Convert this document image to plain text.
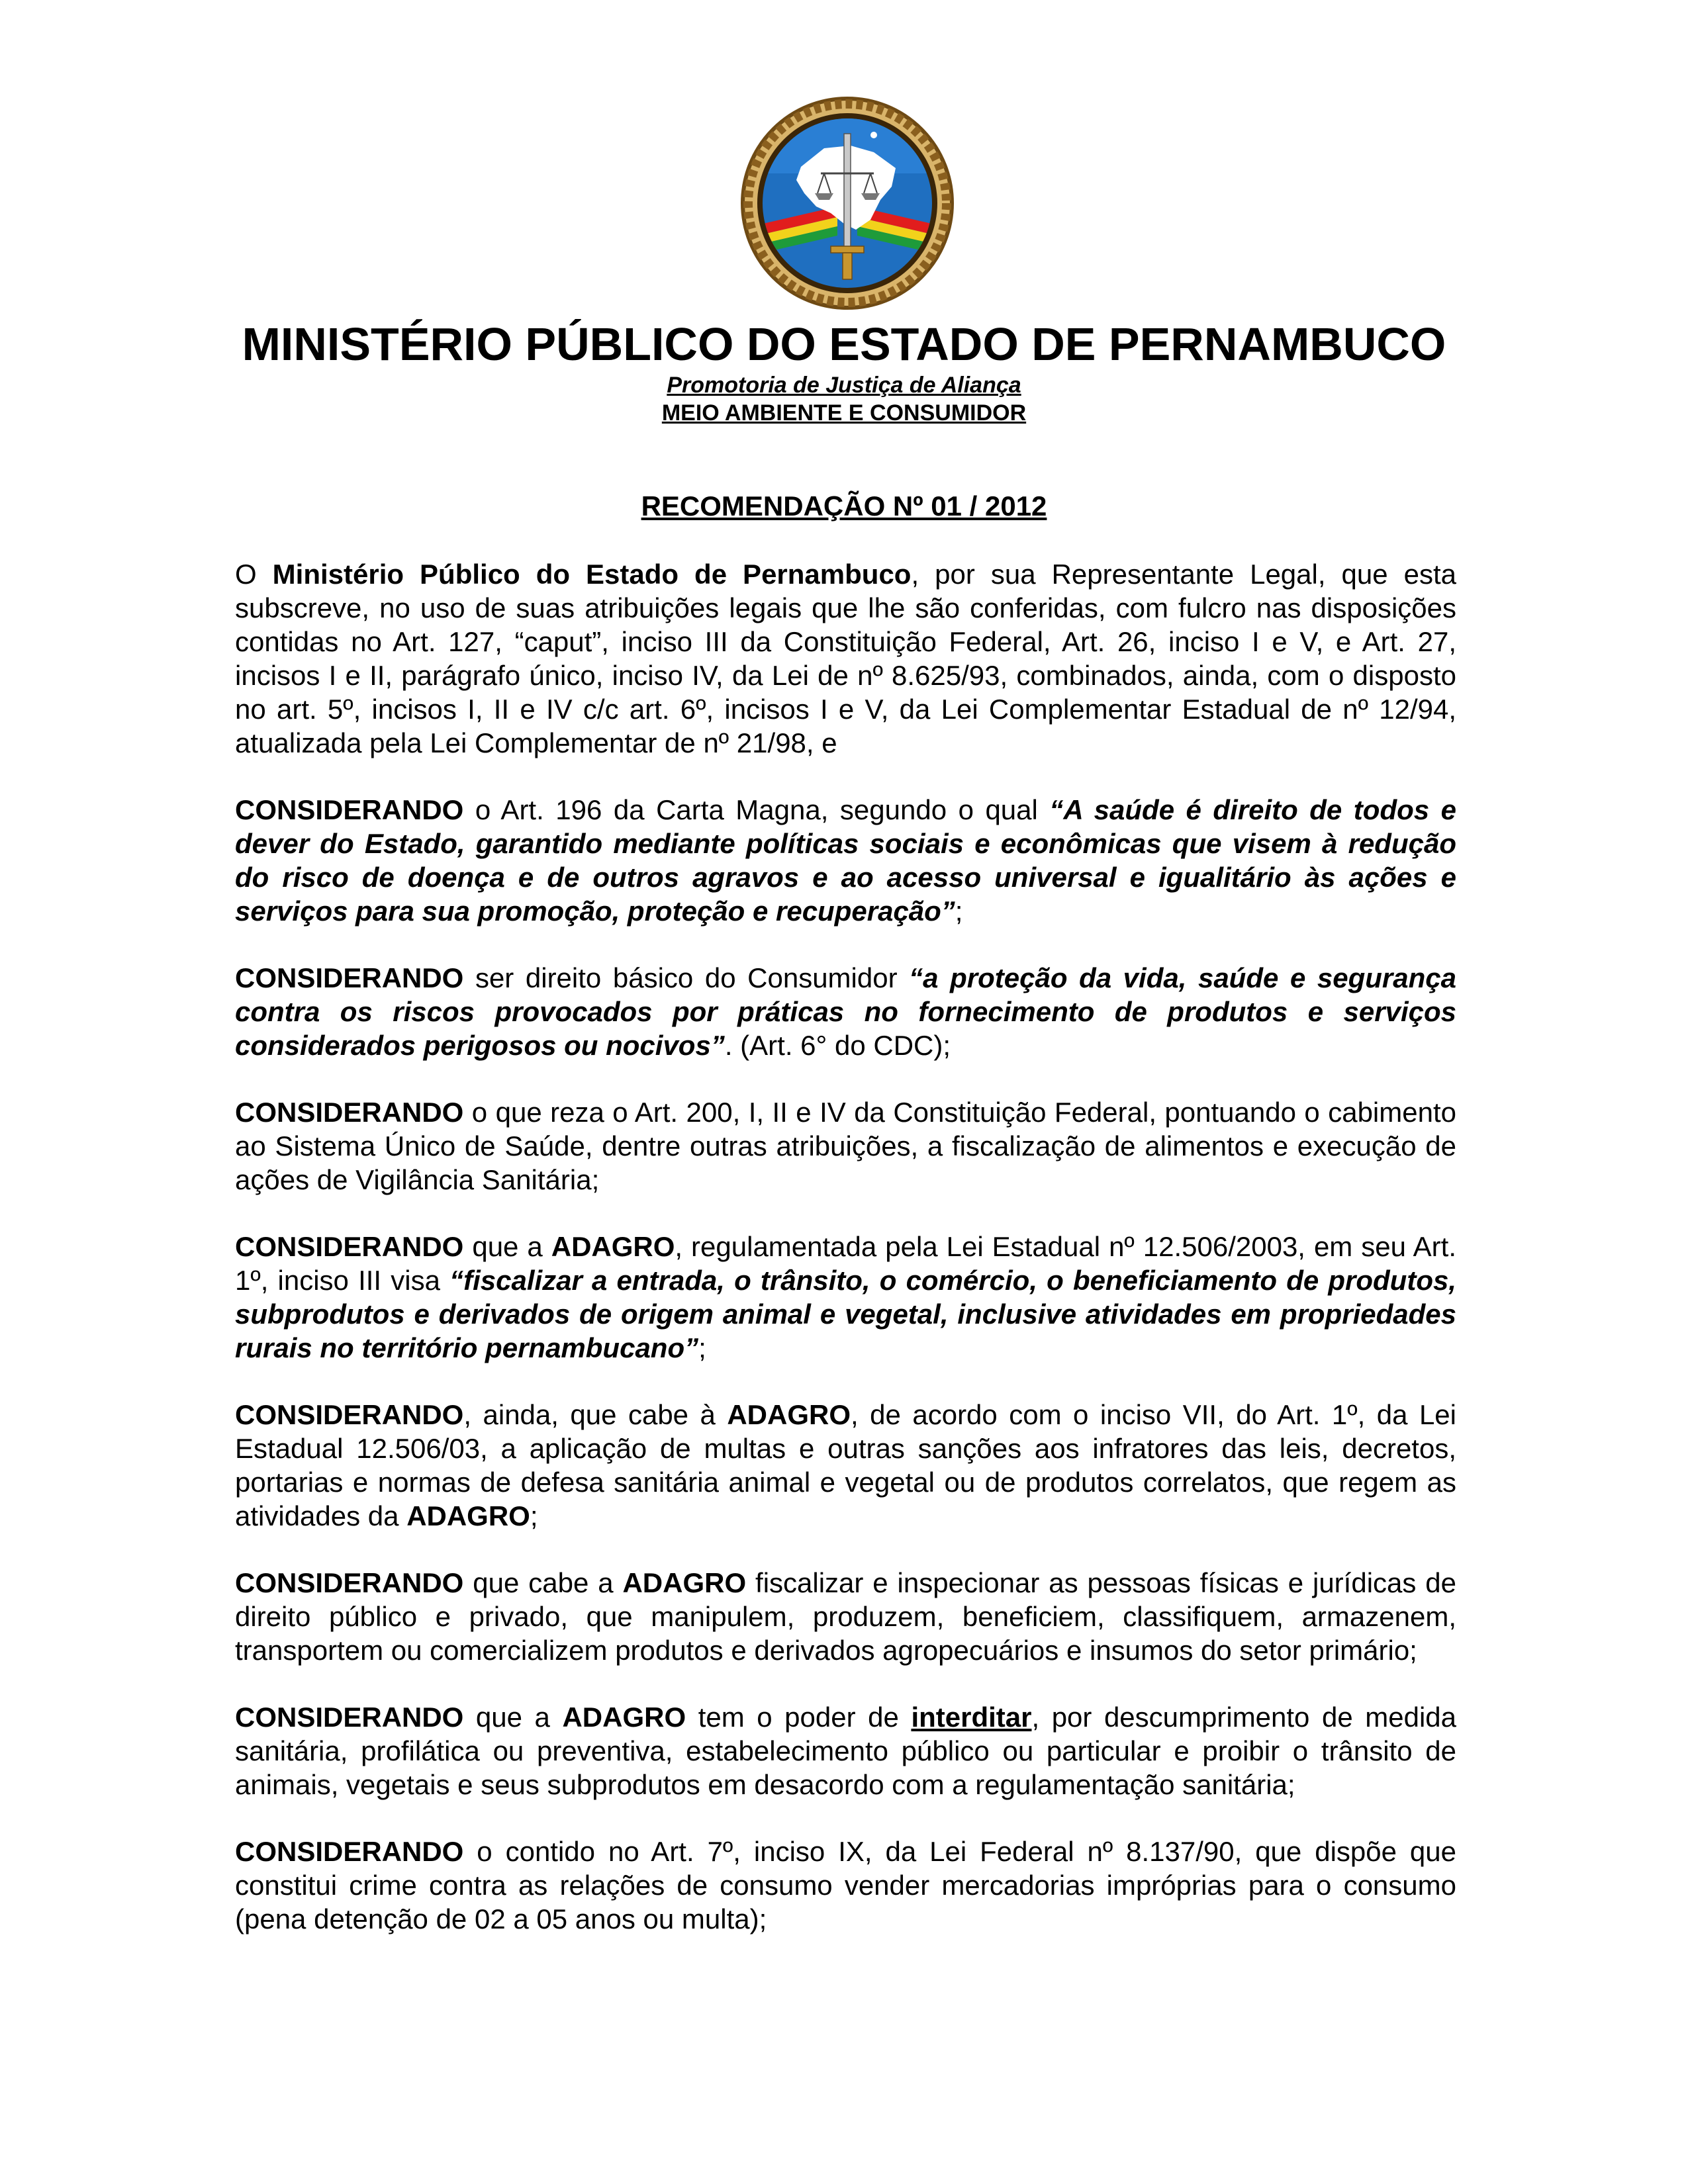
MINISTÉRIO PÚBLICO DO ESTADO DE PERNAMBUCO
Promotoria de Justiça de Aliança
MEIO AMBIENTE E CONSUMIDOR
RECOMENDAÇÃO Nº 01 / 2012

O Ministério Público do Estado de Pernambuco, por sua Representante Legal, que esta subscreve, no uso de suas atribuições legais que lhe são conferidas, com fulcro nas disposições contidas no Art. 127, “caput”, inciso III da Constituição Federal, Art. 26, inciso I e V, e Art. 27, incisos I e II, parágrafo único, inciso IV, da Lei de nº 8.625/93, combinados, ainda, com o disposto no art. 5º, incisos I, II e IV c/c art. 6º, incisos I e V, da Lei Complementar Estadual de nº 12/94, atualizada pela Lei Complementar de nº 21/98, e

CONSIDERANDO o Art. 196 da Carta Magna, segundo o qual “A saúde é direito de todos e dever do Estado, garantido mediante políticas sociais e econômicas que visem à redução do risco de doença e de outros agravos e ao acesso universal e igualitário às ações e serviços para sua promoção, proteção e recuperação”;

CONSIDERANDO ser direito básico do Consumidor “a proteção da vida, saúde e segurança contra os riscos provocados por práticas no fornecimento de produtos e serviços considerados perigosos ou nocivos”. (Art. 6° do CDC);

CONSIDERANDO o que reza o Art. 200, I, II e IV da Constituição Federal, pontuando o cabimento ao Sistema Único de Saúde, dentre outras atribuições, a fiscalização de alimentos e execução de ações de Vigilância Sanitária;

CONSIDERANDO que a ADAGRO, regulamentada pela Lei Estadual nº 12.506/2003, em seu Art. 1º, inciso III visa “fiscalizar a entrada, o trânsito, o comércio, o beneficiamento de produtos, subprodutos e derivados de origem animal e vegetal, inclusive atividades em propriedades rurais no território pernambucano”;

CONSIDERANDO, ainda, que cabe à ADAGRO, de acordo com o inciso VII, do Art. 1º, da Lei Estadual 12.506/03, a aplicação de multas e outras sanções aos infratores das leis, decretos, portarias e normas de defesa sanitária animal e vegetal ou de produtos correlatos, que regem as atividades da ADAGRO;

CONSIDERANDO que cabe a ADAGRO fiscalizar e inspecionar as pessoas físicas e jurídicas de direito público e privado, que manipulem, produzem, beneficiem, classifiquem, armazenem, transportem ou comercializem produtos e derivados agropecuários e insumos do setor primário;

CONSIDERANDO que a ADAGRO tem o poder de interditar, por descumprimento de medida sanitária, profilática ou preventiva, estabelecimento público ou particular e proibir o trânsito de animais, vegetais e seus subprodutos em desacordo com a regulamentação sanitária;

CONSIDERANDO o contido no Art. 7º, inciso IX, da Lei Federal nº 8.137/90, que dispõe que constitui crime contra as relações de consumo vender mercadorias impróprias para o consumo (pena detenção de 02 a 05 anos ou multa);
